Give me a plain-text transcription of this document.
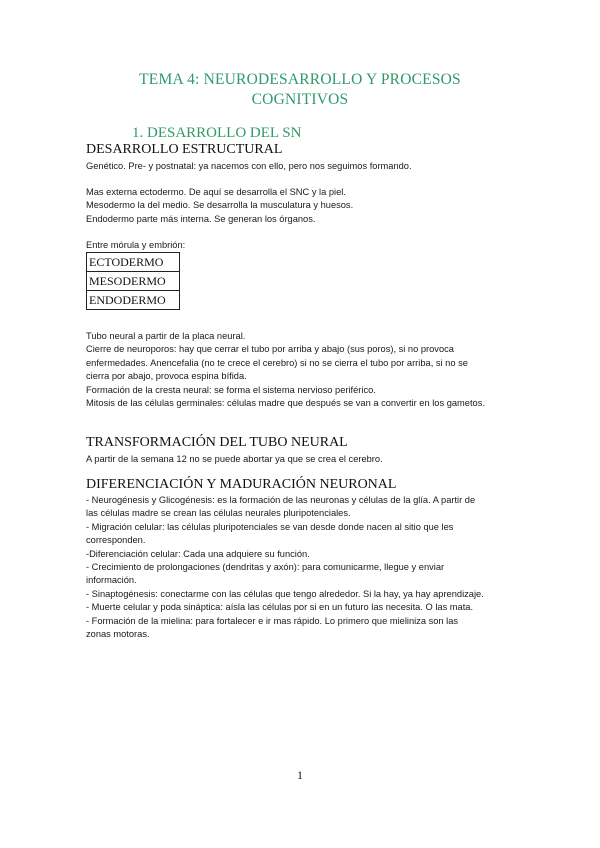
TEMA 4: NEURODESARROLLO Y PROCESOS
COGNITIVOS
1. DESARROLLO DEL SN
DESARROLLO ESTRUCTURAL
Genético. Pre- y postnatal: ya nacemos con ello, pero nos seguimos formando.
Mas externa ectodermo. De aquí se desarrolla el SNC y la piel.
Mesodermo la del medio. Se desarrolla la musculatura y huesos.
Endodermo parte más interna. Se generan los órganos.
Entre mórula y embrión:
ECTODERMO
MESODERMO
ENDODERMO
Tubo neural a partir de la placa neural.
Cierre de neuroporos: hay que cerrar el tubo por arriba y abajo (sus poros), si no provoca
enfermedades. Anencefalia (no te crece el cerebro) si no se cierra el tubo por arriba, si no se
cierra por abajo, provoca espina bífida.
Formación de la cresta neural: se forma el sistema nervioso periférico.
Mitosis de las células germinales: células madre que después se van a convertir en los gametos.
TRANSFORMACIÓN DEL TUBO NEURAL
A partir de la semana 12 no se puede abortar ya que se crea el cerebro.
DIFERENCIACIÓN Y MADURACIÓN NEURONAL
- Neurogénesis y Glicogénesis: es la formación de las neuronas y células de la glía. A partir de
las células madre se crean las células neurales pluripotenciales.
- Migración celular: las células pluripotenciales se van desde donde nacen al sitio que les
corresponden.
-Diferenciación celular: Cada una adquiere su función.
- Crecimiento de prolongaciones (dendritas y axón): para comunicarme, llegue y enviar
información.
- Sinaptogénesis: conectarme con las células que tengo alrededor. Si la hay, ya hay aprendizaje.
- Muerte celular y poda sináptica: aísla las células por si en un futuro las necesita. O las mata.
- Formación de la mielina: para fortalecer e ir mas rápido. Lo primero que mieliniza son las
zonas motoras.
1
